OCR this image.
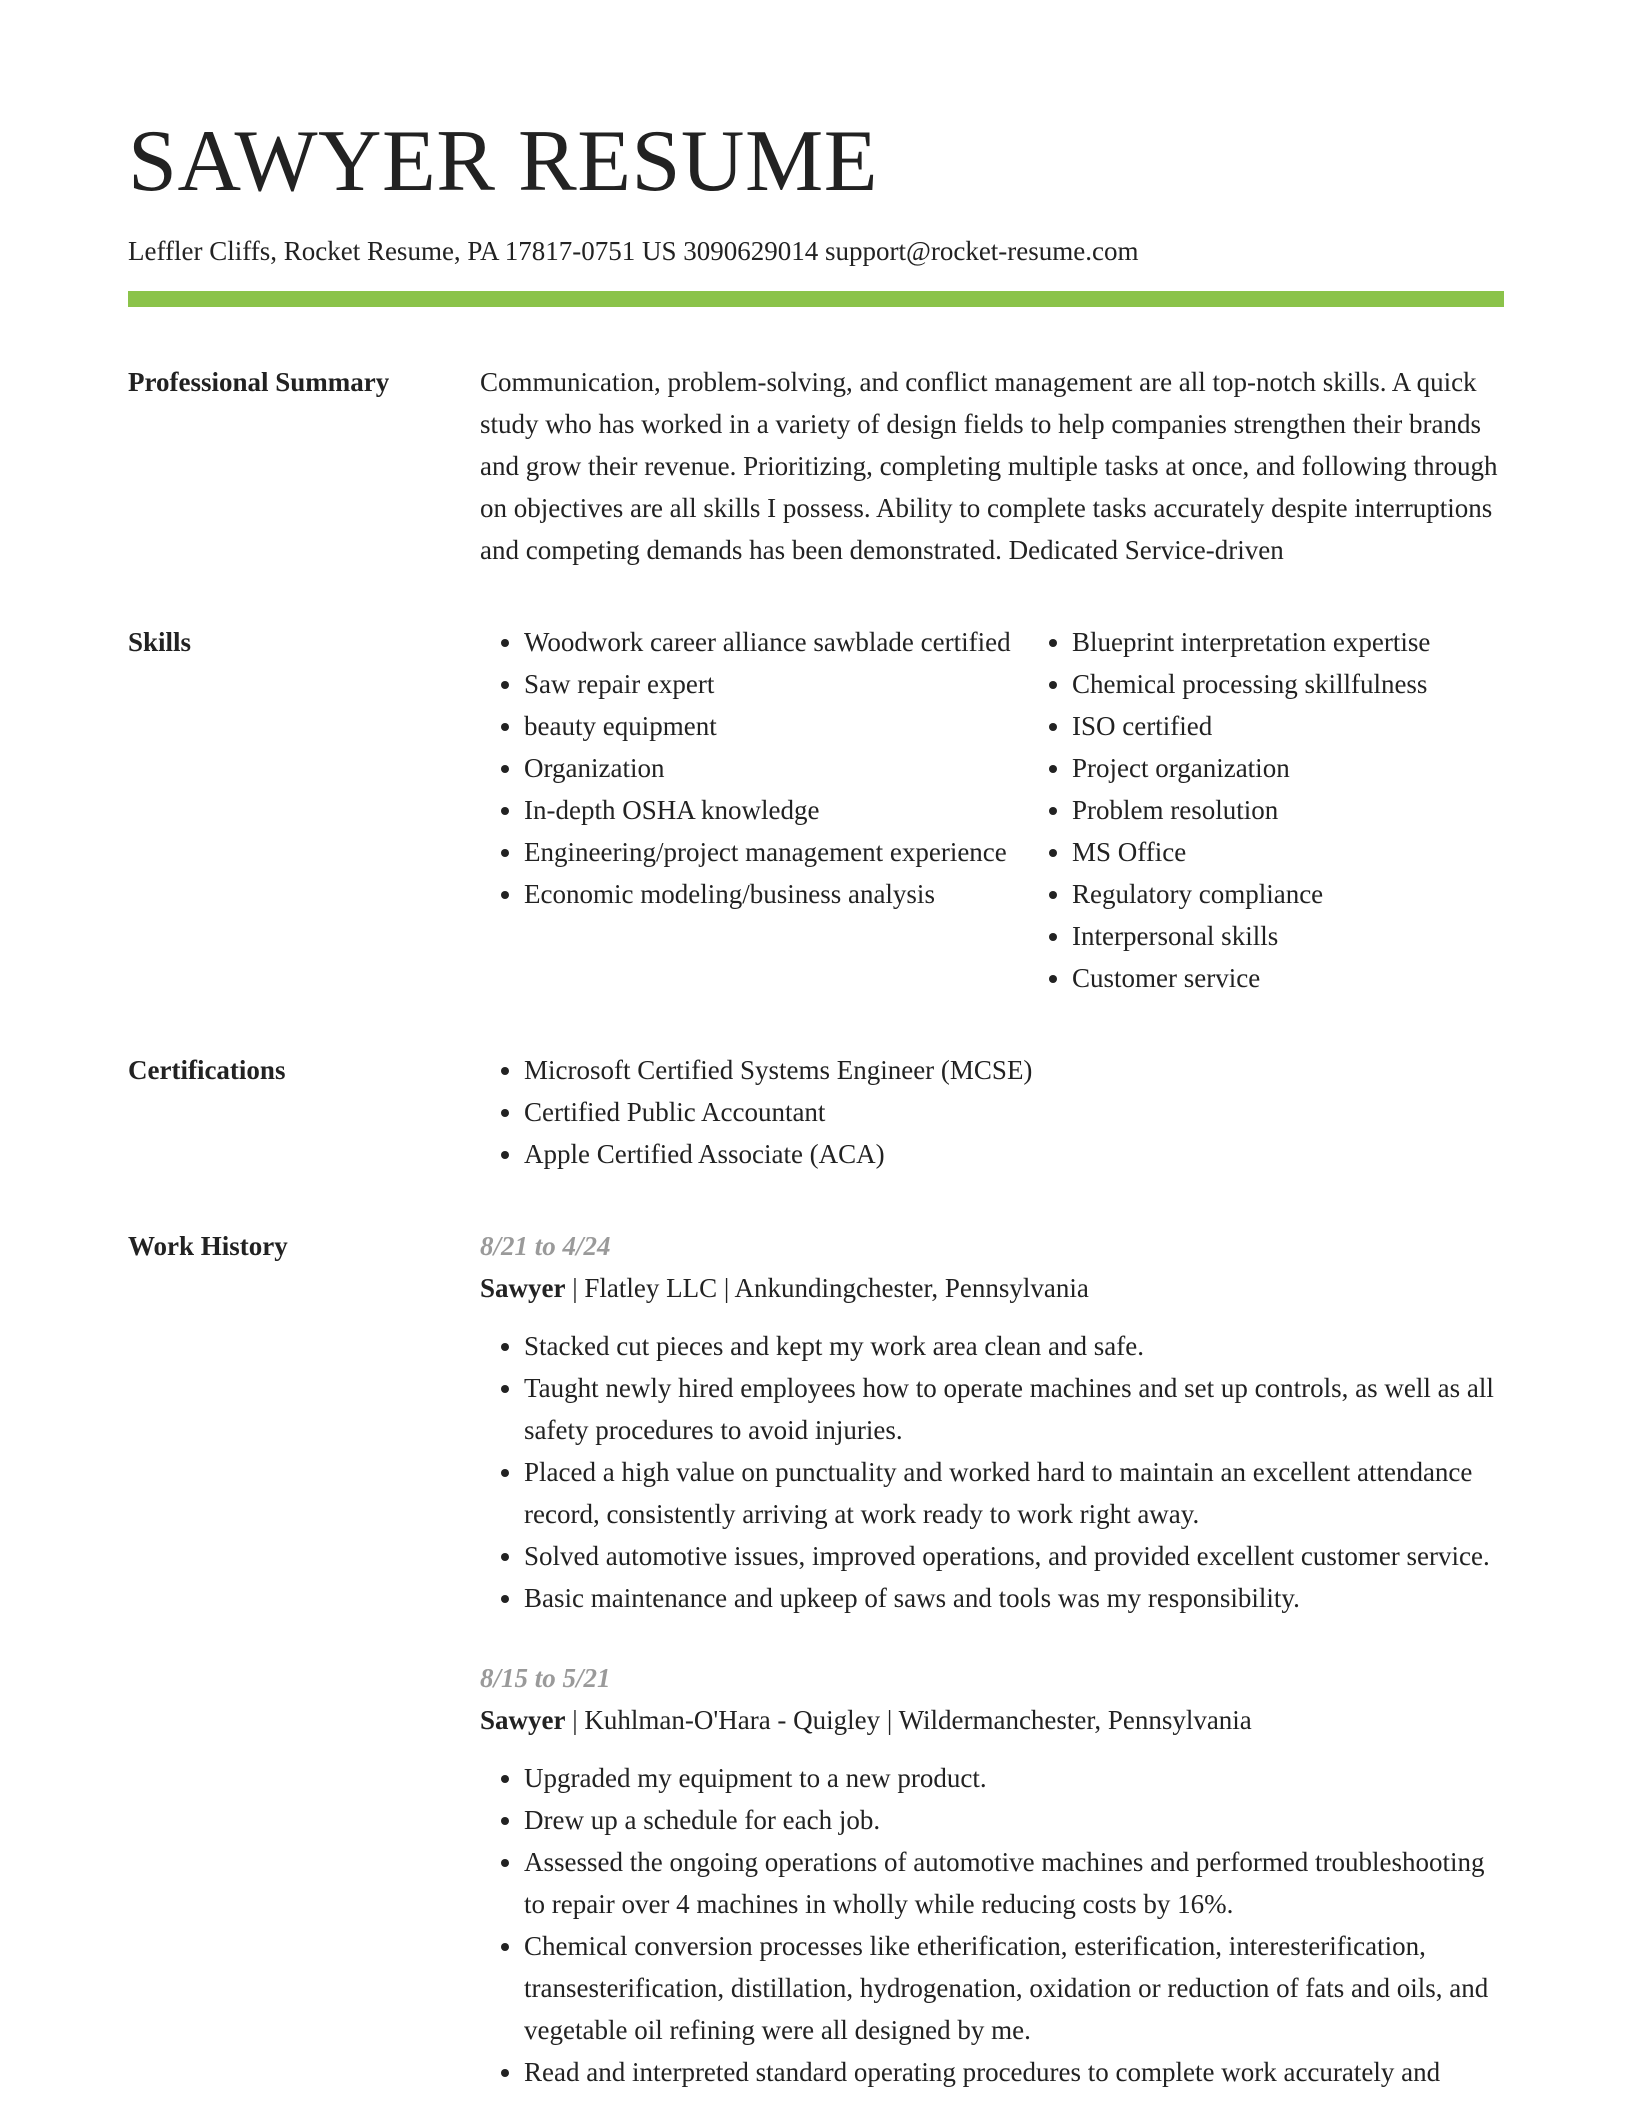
SAWYER RESUME
Leffler Cliffs, Rocket Resume, PA 17817-0751 US 3090629014 support@rocket-resume.com
Professional Summary	Communication, problem-solving, and conflict management are all top-notch skills. A quick study who has worked in a variety of design fields to help companies strengthen their brands and grow their revenue. Prioritizing, completing multiple tasks at once, and following through on objectives are all skills I possess. Ability to complete tasks accurately despite interruptions and competing demands has been demonstrated. Dedicated Service-driven

Skills	• Woodwork career alliance sawblade certified
• Saw repair expert
• beauty equipment
• Organization
• In-depth OSHA knowledge
• Engineering/project management experience
• Economic modeling/business analysis
• Blueprint interpretation expertise
• Chemical processing skillfulness
• ISO certified
• Project organization
• Problem resolution
• MS Office
• Regulatory compliance
• Interpersonal skills
• Customer service
Certifications	• Microsoft Certified Systems Engineer (MCSE)
• Certified Public Accountant
• Apple Certified Associate (ACA)
Work History	8/21 to 4/24
Sawyer | Flatley LLC | Ankundingchester, Pennsylvania
• Stacked cut pieces and kept my work area clean and safe.
• Taught newly hired employees how to operate machines and set up controls, as well as all safety procedures to avoid injuries.
• Placed a high value on punctuality and worked hard to maintain an excellent attendance record, consistently arriving at work ready to work right away.
• Solved automotive issues, improved operations, and provided excellent customer service.
• Basic maintenance and upkeep of saws and tools was my responsibility.
8/15 to 5/21
Sawyer | Kuhlman-O'Hara - Quigley | Wildermanchester, Pennsylvania
• Upgraded my equipment to a new product.
• Drew up a schedule for each job.
• Assessed the ongoing operations of automotive machines and performed troubleshooting to repair over 4 machines in wholly while reducing costs by 16%.
• Chemical conversion processes like etherification, esterification, interesterification, transesterification, distillation, hydrogenation, oxidation or reduction of fats and oils, and vegetable oil refining were all designed by me.
• Read and interpreted standard operating procedures to complete work accurately and
